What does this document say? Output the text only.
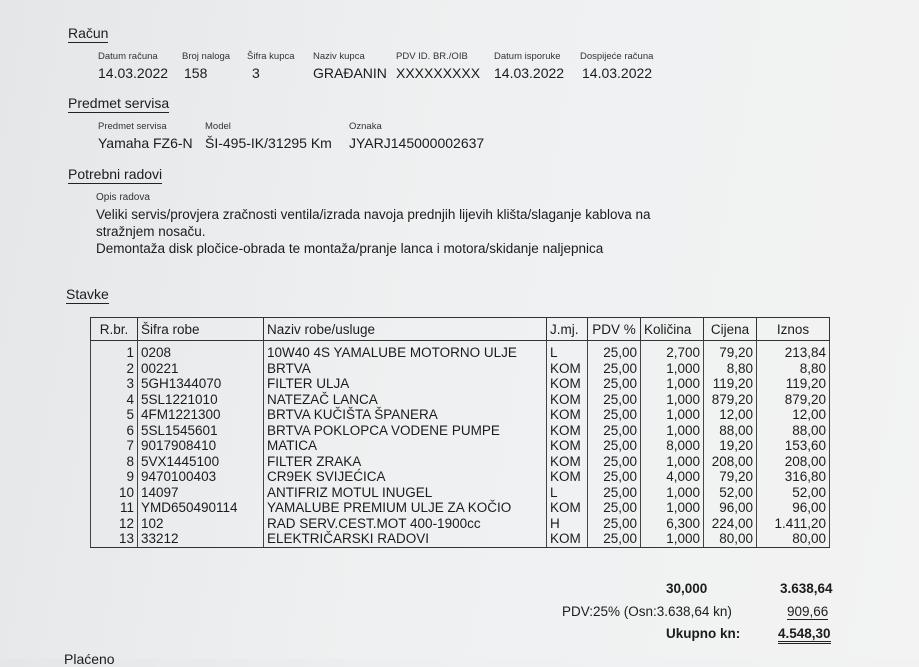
Račun
Datum računa
14.03.2022
Broj naloga
158
Šifra kupca
3
Naziv kupca
GRAĐANIN
PDV ID. BR./OIB
XXXXXXXXX
Datum isporuke
14.03.2022
Dospijeće računa
14.03.2022
Predmet servisa
Predmet servisa
Yamaha FZ6-N
Model
ŠI-495-IK/31295 Km
Oznaka
JYARJ145000002637
Potrebni radovi
Opis radova
Veliki servis/provjera zračnosti ventila/izrada navoja prednjih lijevih klišta/slaganje kablova na
stražnjem nosaču.
Demontaža disk pločice-obrada te montaža/pranje lanca i motora/skidanje naljepnica
Stavke
R.br.	Šifra robe	Naziv robe/usluge	J.mj.	PDV %	Količina	Cijena	Iznos
1	0208	10W40 4S YAMALUBE MOTORNO ULJE	L	25,00	2,700	79,20	213,84
2	00221	BRTVA	KOM	25,00	1,000	8,80	8,80
3	5GH1344070	FILTER ULJA	KOM	25,00	1,000	119,20	119,20
4	5SL1221010	NATEZAČ LANCA	KOM	25,00	1,000	879,20	879,20
5	4FM1221300	BRTVA KUČIŠTA ŠPANERA	KOM	25,00	1,000	12,00	12,00
6	5SL1545601	BRTVA POKLOPCA VODENE PUMPE	KOM	25,00	1,000	88,00	88,00
7	9017908410	MATICA	KOM	25,00	8,000	19,20	153,60
8	5VX1445100	FILTER ZRAKA	KOM	25,00	1,000	208,00	208,00
9	9470100403	CR9EK SVIJEĆICA	KOM	25,00	4,000	79,20	316,80
10	14097	ANTIFRIZ MOTUL INUGEL	L	25,00	1,000	52,00	52,00
11	YMD650490114	YAMALUBE PREMIUM ULJE ZA KOČIO	KOM	25,00	1,000	96,00	96,00
12	102	RAD SERV.CEST.MOT 400-1900cc	H	25,00	6,300	224,00	1.411,20
13	33212	ELEKTRIČARSKI RADOVI	KOM	25,00	1,000	80,00	80,00
30,000	3.638,64
PDV:25% (Osn:3.638,64 kn)	909,66
Ukupno kn:	4.548,30
Plaćeno
